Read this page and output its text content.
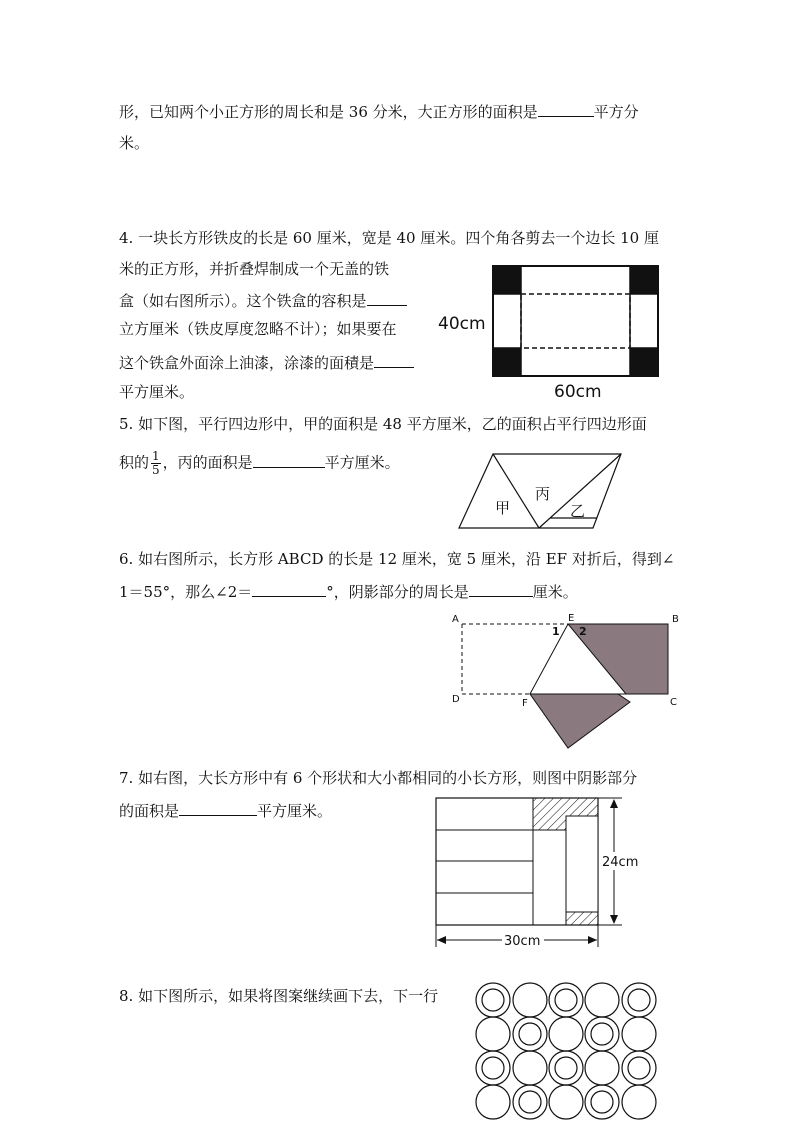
形，已知两个小正方形的周长和是 36 分米，大正方形的面积是	平方分
米。
4. 一块长方形铁皮的长是 60 厘米，宽是 40 厘米。四个角各剪去一个边长 10 厘
米的正方形，并折叠焊制成一个无盖的铁
盒（如右图所示）。这个铁盒的容积是
立方厘米（铁皮厚度忽略不计）；如果要在
这个铁盒外面涂上油漆，涂漆的面積是
平方厘米。
40cm
60cm
5. 如下图，平行四边形中，甲的面积是 48 平方厘米，乙的面积占平行四边形面
积的 $\frac{1}{5}$ ，丙的面积是	平方厘米。
甲
丙
乙
6. 如右图所示，长方形 ABCD 的长是 12 厘米，宽 5 厘米，沿 EF 对折后，得到∠
1＝55°，那么∠2＝	°，阴影部分的周长是	厘米。
A	B
C
D
E
F
1 2
7. 如右图，大长方形中有 6 个形状和大小都相同的小长方形，则图中阴影部分
的面积是	平方厘米。
24cm
30cm
8. 如下图所示，如果将图案继续画下去，下一行
